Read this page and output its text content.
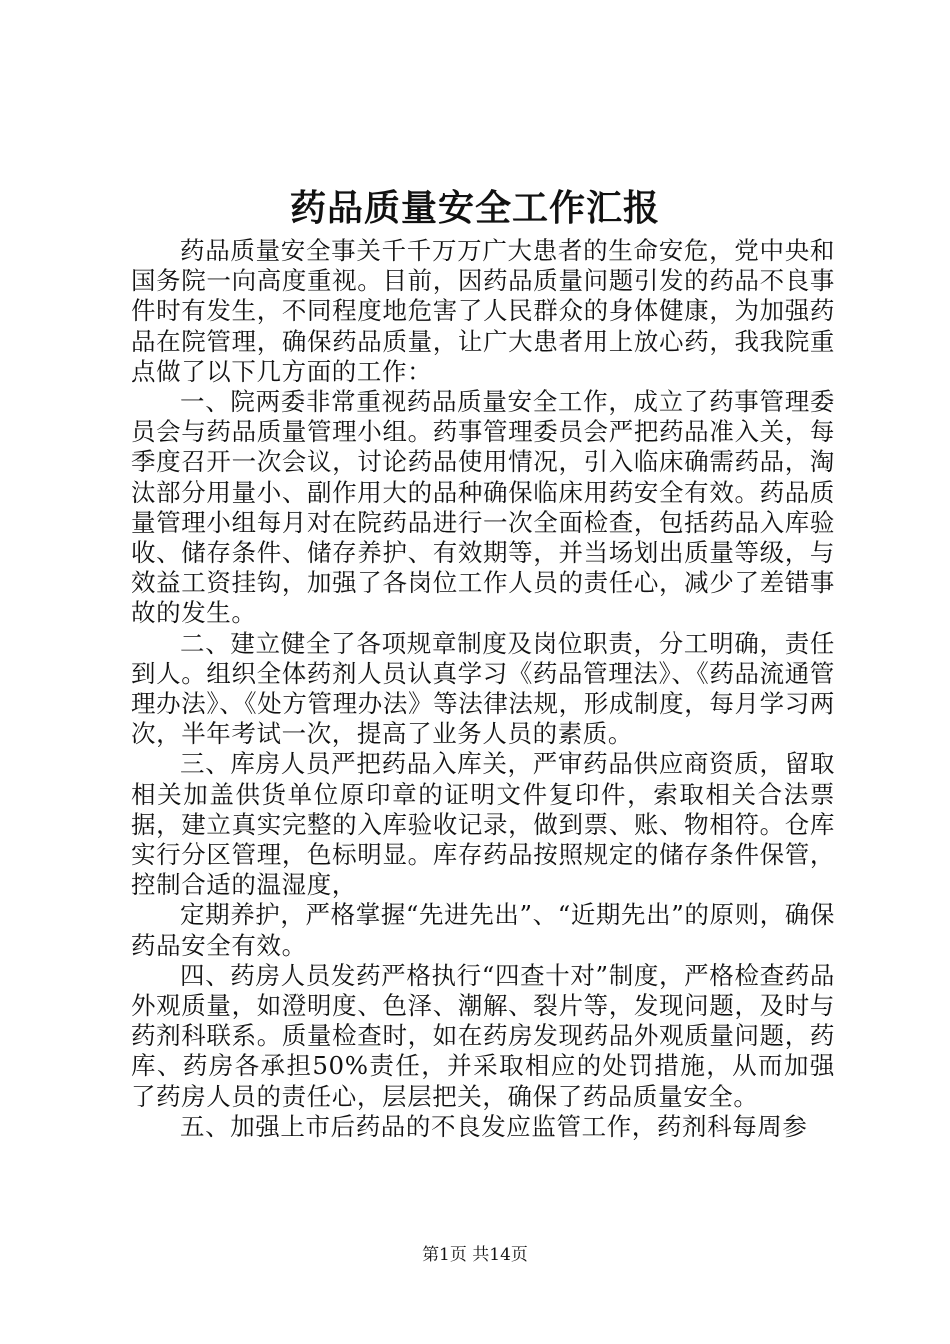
药品质量安全工作汇报

药品质量安全事关千千万万广大患者的生命安危，党中央和国务院一向高度重视。目前，因药品质量问题引发的药品不良事件时有发生，不同程度地危害了人民群众的身体健康，为加强药品在院管理，确保药品质量，让广大患者用上放心药，我我院重点做了以下几方面的工作：

一、院两委非常重视药品质量安全工作，成立了药事管理委员会与药品质量管理小组。药事管理委员会严把药品准入关，每季度召开一次会议，讨论药品使用情况，引入临床确需药品，淘汰部分用量小、副作用大的品种确保临床用药安全有效。药品质量管理小组每月对在院药品进行一次全面检查，包括药品入库验收、储存条件、储存养护、有效期等，并当场划出质量等级，与效益工资挂钩，加强了各岗位工作人员的责任心，减少了差错事故的发生。

二、建立健全了各项规章制度及岗位职责，分工明确，责任到人。组织全体药剂人员认真学习《药品管理法》、《药品流通管理办法》、《处方管理办法》等法律法规，形成制度，每月学习两次，半年考试一次，提高了业务人员的素质。

三、库房人员严把药品入库关，严审药品供应商资质，留取相关加盖供货单位原印章的证明文件复印件，索取相关合法票据，建立真实完整的入库验收记录，做到票、账、物相符。仓库实行分区管理，色标明显。库存药品按照规定的储存条件保管，控制合适的温湿度，

定期养护，严格掌握“先进先出”、“近期先出”的原则，确保药品安全有效。

四、药房人员发药严格执行“四查十对”制度，严格检查药品外观质量，如澄明度、色泽、潮解、裂片等，发现问题，及时与药剂科联系。质量检查时，如在药房发现药品外观质量问题，药库、药房各承担50%责任，并采取相应的处罚措施，从而加强了药房人员的责任心，层层把关，确保了药品质量安全。

五、加强上市后药品的不良发应监管工作，药剂科每周参

第1页 共14页
